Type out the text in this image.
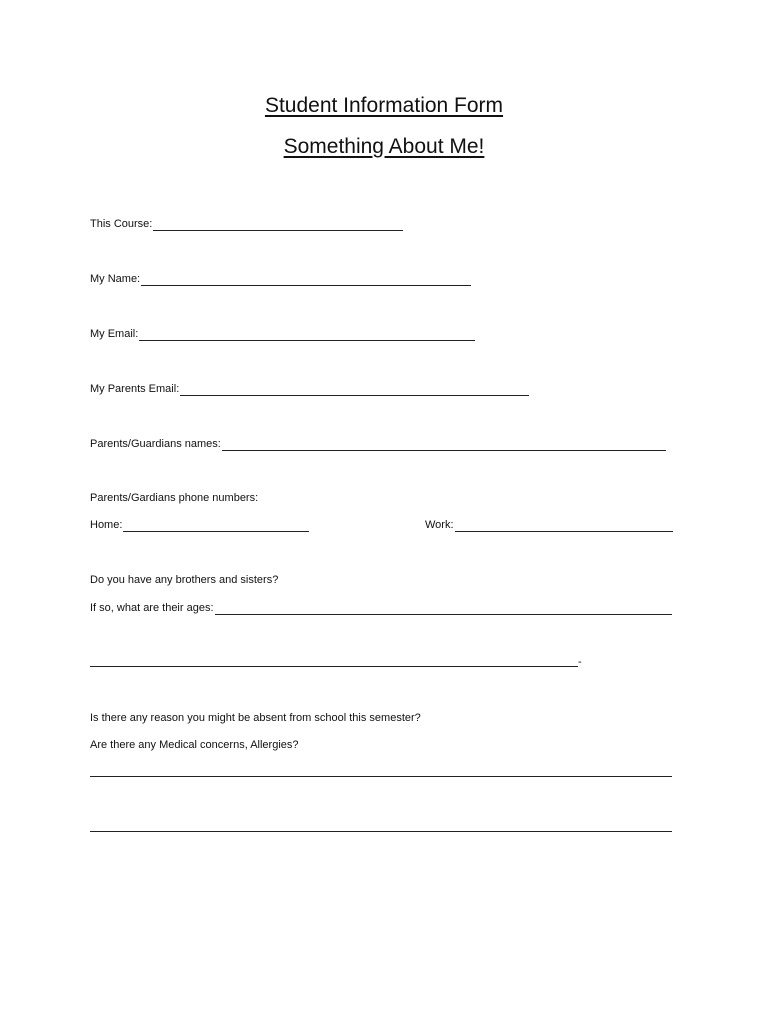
Student Information Form
Something About Me!
This Course:
My Name:
My Email:
My Parents Email:
Parents/Guardians names:
Parents/Gardians phone numbers:
Home:	Work:
Do you have any brothers and sisters?
If so, what are their ages:
-
Is there any reason you might be absent from school this semester?
Are there any Medical concerns, Allergies?
